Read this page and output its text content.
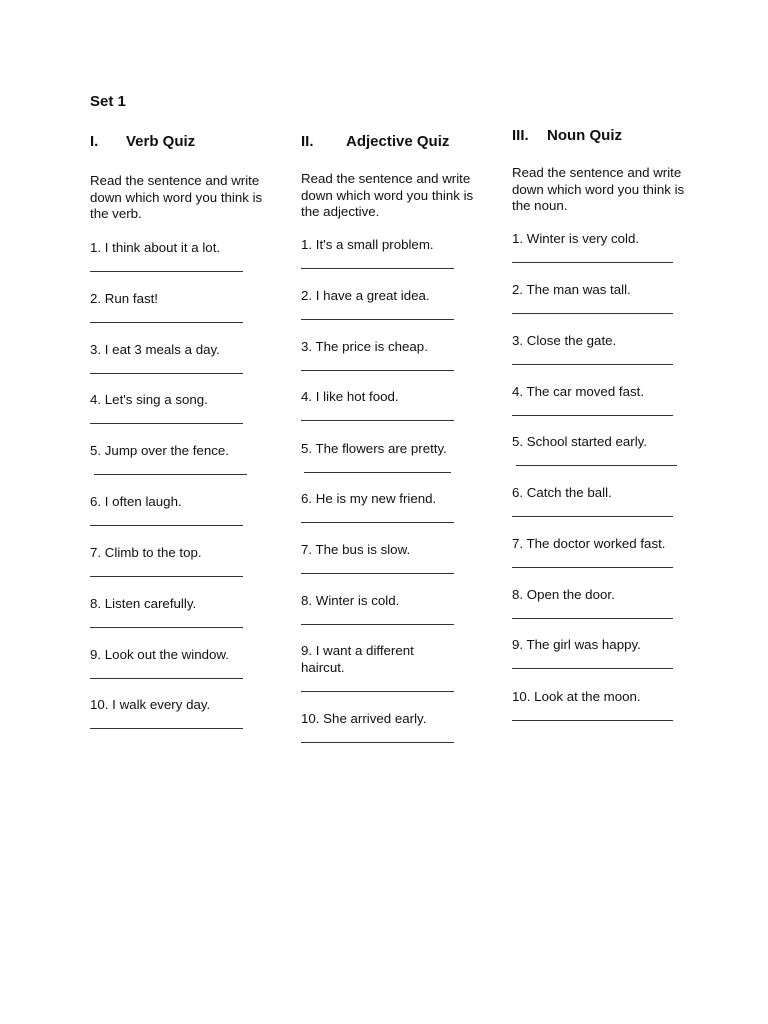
Set 1
I. Verb Quiz
Read the sentence and write down which word you think is the verb.
1. I think about it a lot.
2. Run fast!
3. I eat 3 meals a day.
4. Let's sing a song.
5. Jump over the fence.
6. I often laugh.
7. Climb to the top.
8. Listen carefully.
9. Look out the window.
10. I walk every day.
II. Adjective Quiz
Read the sentence and write down which word you think is the adjective.
1. It's a small problem.
2. I have a great idea.
3. The price is cheap.
4. I like hot food.
5. The flowers are pretty.
6. He is my new friend.
7. The bus is slow.
8. Winter is cold.
9. I want a different haircut.
10. She arrived early.
III. Noun Quiz
Read the sentence and write down which word you think is the noun.
1. Winter is very cold.
2. The man was tall.
3. Close the gate.
4. The car moved fast.
5. School started early.
6. Catch the ball.
7. The doctor worked fast.
8. Open the door.
9. The girl was happy.
10. Look at the moon.
